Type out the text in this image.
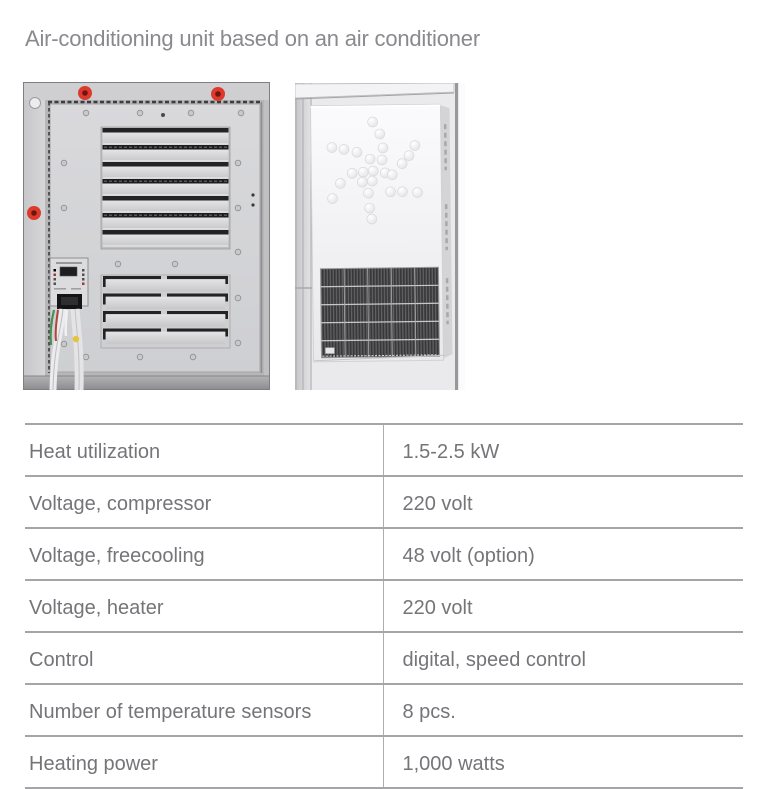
Air-conditioning unit based on an air conditioner
Heat utilization	1.5-2.5 kW
Voltage, compressor	220 volt
Voltage, freecooling	48 volt (option)
Voltage, heater	220 volt
Control	digital, speed control
Number of temperature sensors	8 pcs.
Heating power	1,000 watts
